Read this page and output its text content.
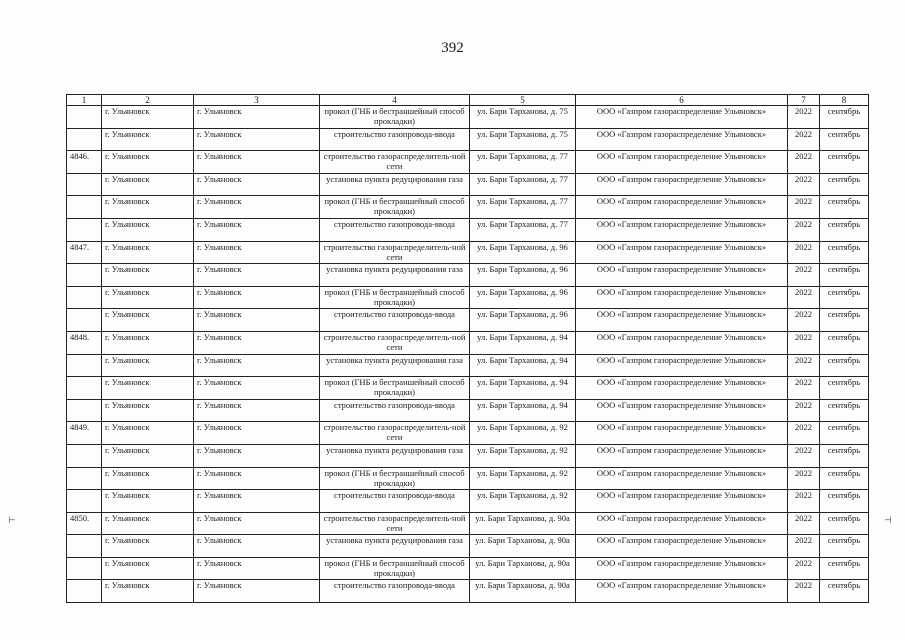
392
⊢	⊣
1	2	3	4	5	6	7	8
	г. Ульяновск	г. Ульяновск	прокол (ГНБ и бестраншейный способ прокладки)	ул. Бари Тарханова, д. 75	ООО «Газпром газораспределение Ульяновск»	2022	сентябрь
	г. Ульяновск	г. Ульяновск	строительство газопровода-ввода	ул. Бари Тарханова, д. 75	ООО «Газпром газораспределение Ульяновск»	2022	сентябрь
4846.	г. Ульяновск	г. Ульяновск	строительство газораспределитель-ной сети	ул. Бари Тарханова, д. 77	ООО «Газпром газораспределение Ульяновск»	2022	сентябрь
	г. Ульяновск	г. Ульяновск	установка пункта редуцирования газа	ул. Бари Тарханова, д. 77	ООО «Газпром газораспределение Ульяновск»	2022	сентябрь
	г. Ульяновск	г. Ульяновск	прокол (ГНБ и бестраншейный способ прокладки)	ул. Бари Тарханова, д. 77	ООО «Газпром газораспределение Ульяновск»	2022	сентябрь
	г. Ульяновск	г. Ульяновск	строительство газопровода-ввода	ул. Бари Тарханова, д. 77	ООО «Газпром газораспределение Ульяновск»	2022	сентябрь
4847.	г. Ульяновск	г. Ульяновск	строительство газораспределитель-ной сети	ул. Бари Тарханова, д. 96	ООО «Газпром газораспределение Ульяновск»	2022	сентябрь
	г. Ульяновск	г. Ульяновск	установка пункта редуцирования газа	ул. Бари Тарханова, д. 96	ООО «Газпром газораспределение Ульяновск»	2022	сентябрь
	г. Ульяновск	г. Ульяновск	прокол (ГНБ и бестраншейный способ прокладки)	ул. Бари Тарханова, д. 96	ООО «Газпром газораспределение Ульяновск»	2022	сентябрь
	г. Ульяновск	г. Ульяновск	строительство газопровода-ввода	ул. Бари Тарханова, д. 96	ООО «Газпром газораспределение Ульяновск»	2022	сентябрь
4848.	г. Ульяновск	г. Ульяновск	строительство газораспределитель-ной сети	ул. Бари Тарханова, д. 94	ООО «Газпром газораспределение Ульяновск»	2022	сентябрь
	г. Ульяновск	г. Ульяновск	установка пункта редуцирования газа	ул. Бари Тарханова, д. 94	ООО «Газпром газораспределение Ульяновск»	2022	сентябрь
	г. Ульяновск	г. Ульяновск	прокол (ГНБ и бестраншейный способ прокладки)	ул. Бари Тарханова, д. 94	ООО «Газпром газораспределение Ульяновск»	2022	сентябрь
	г. Ульяновск	г. Ульяновск	строительство газопровода-ввода	ул. Бари Тарханова, д. 94	ООО «Газпром газораспределение Ульяновск»	2022	сентябрь
4849.	г. Ульяновск	г. Ульяновск	строительство газораспределитель-ной сети	ул. Бари Тарханова, д. 92	ООО «Газпром газораспределение Ульяновск»	2022	сентябрь
	г. Ульяновск	г. Ульяновск	установка пункта редуцирования газа	ул. Бари Тарханова, д. 92	ООО «Газпром газораспределение Ульяновск»	2022	сентябрь
	г. Ульяновск	г. Ульяновск	прокол (ГНБ и бестраншейный способ прокладки)	ул. Бари Тарханова, д. 92	ООО «Газпром газораспределение Ульяновск»	2022	сентябрь
	г. Ульяновск	г. Ульяновск	строительство газопровода-ввода	ул. Бари Тарханова, д. 92	ООО «Газпром газораспределение Ульяновск»	2022	сентябрь
4850.	г. Ульяновск	г. Ульяновск	строительство газораспределитель-ной сети	ул. Бари Тарханова, д. 90а	ООО «Газпром газораспределение Ульяновск»	2022	сентябрь
	г. Ульяновск	г. Ульяновск	установка пункта редуцирования газа	ул. Бари Тарханова, д. 90а	ООО «Газпром газораспределение Ульяновск»	2022	сентябрь
	г. Ульяновск	г. Ульяновск	прокол (ГНБ и бестраншейный способ прокладки)	ул. Бари Тарханова, д. 90а	ООО «Газпром газораспределение Ульяновск»	2022	сентябрь
	г. Ульяновск	г. Ульяновск	строительство газопровода-ввода	ул. Бари Тарханова, д. 90а	ООО «Газпром газораспределение Ульяновск»	2022	сентябрь
